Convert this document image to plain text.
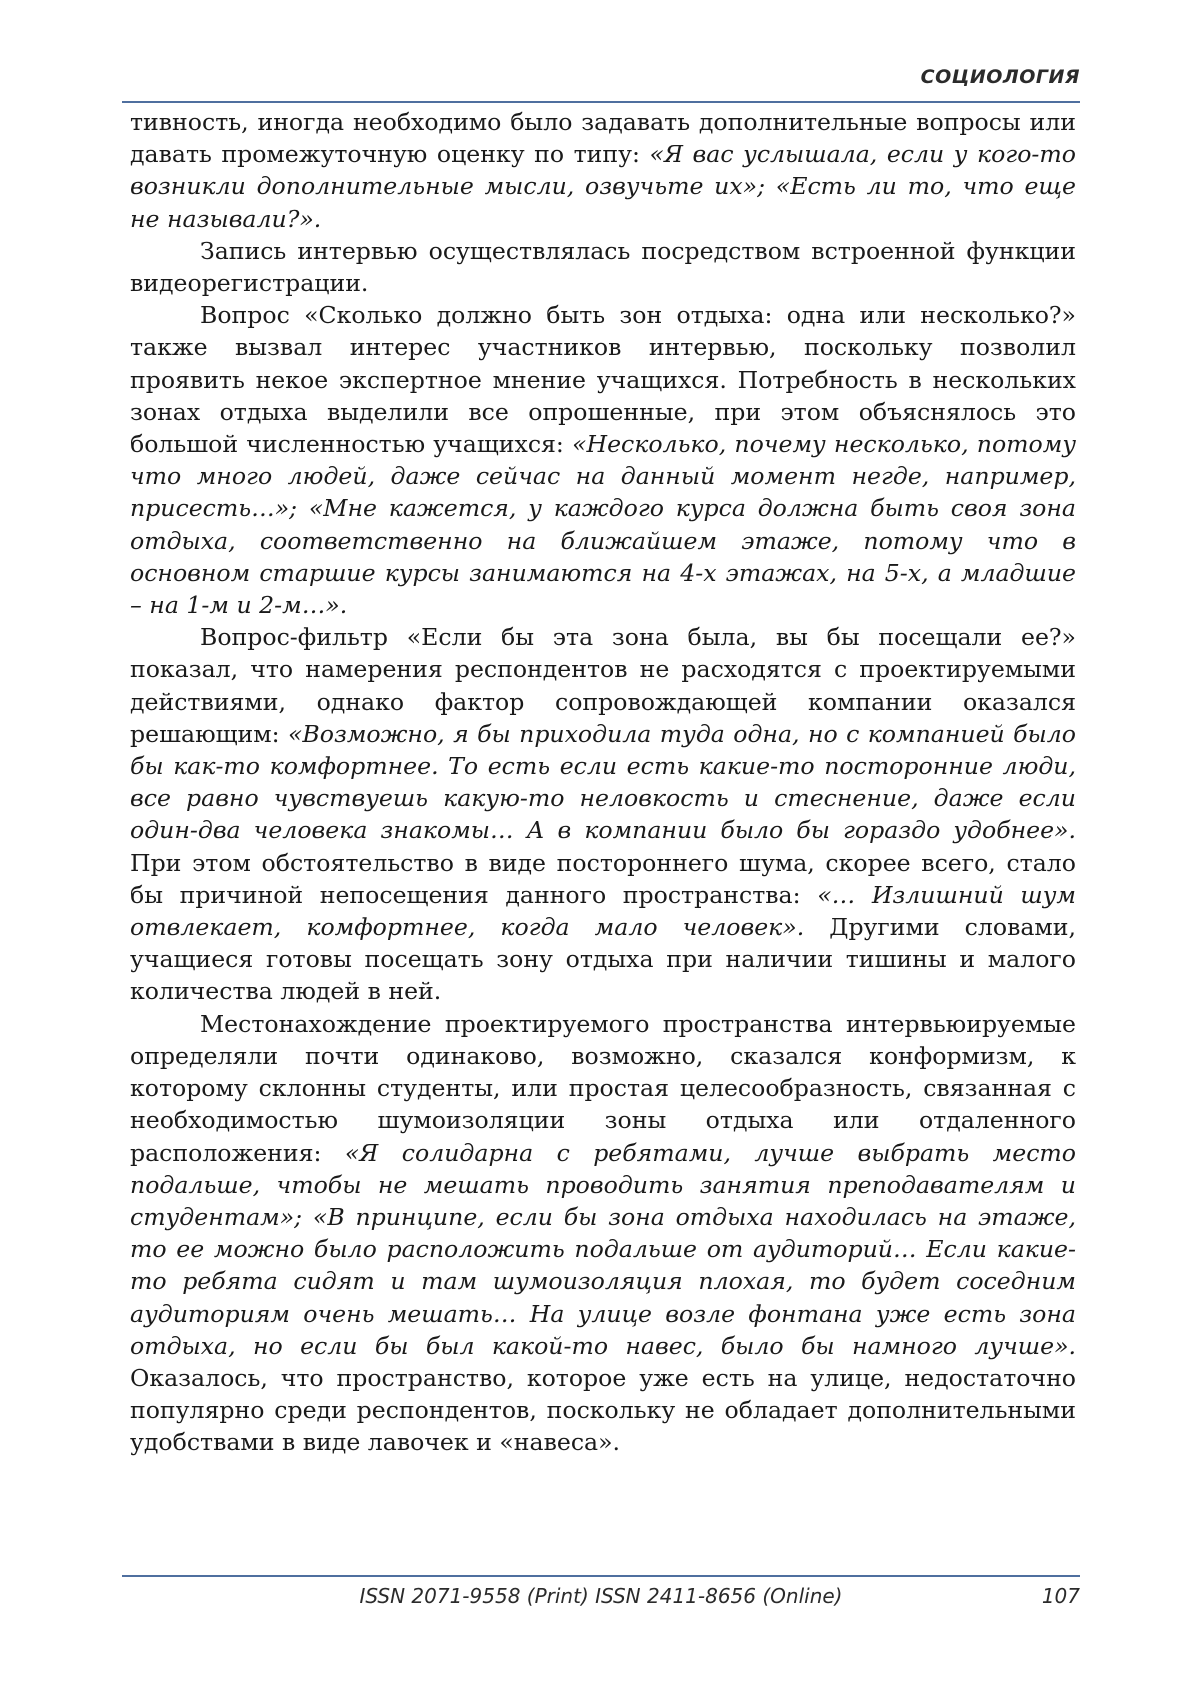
СОЦИОЛОГИЯ

тивность, иногда необходимо было задавать дополнительные вопросы или давать промежуточную оценку по типу: «Я вас услышала, если у кого-то возникли дополнительные мысли, озвучьте их»; «Есть ли то, что еще не называли?».

Запись интервью осуществлялась посредством встроенной функции видеорегистрации.

Вопрос «Сколько должно быть зон отдыха: одна или несколько?» также вызвал интерес участников интервью, поскольку позволил проявить некое экспертное мнение учащихся. Потребность в нескольких зонах отдыха выделили все опрошенные, при этом объяснялось это большой численностью учащихся: «Несколько, почему несколько, потому что много людей, даже сейчас на данный момент негде, например, присесть…»; «Мне кажется, у каждого курса должна быть своя зона отдыха, соответственно на ближайшем этаже, потому что в основном старшие курсы занимаются на 4-х этажах, на 5-х, а младшие – на 1-м и 2-м…».

Вопрос-фильтр «Если бы эта зона была, вы бы посещали ее?» показал, что намерения респондентов не расходятся с проектируемыми действиями, однако фактор сопровождающей компании оказался решающим: «Возможно, я бы приходила туда одна, но с компанией было бы как-то комфортнее. То есть если есть какие-то посторонние люди, все равно чувствуешь какую-то неловкость и стеснение, даже если один-два человека знакомы… А в компании было бы гораздо удобнее». При этом обстоятельство в виде постороннего шума, скорее всего, стало бы причиной непосещения данного пространства: «… Излишний шум отвлекает, комфортнее, когда мало человек». Другими словами, учащиеся готовы посещать зону отдыха при наличии тишины и малого количества людей в ней.

Местонахождение проектируемого пространства интервьюируемые определяли почти одинаково, возможно, сказался конформизм, к которому склонны студенты, или простая целесообразность, связанная с необходимостью шумоизоляции зоны отдыха или отдаленного расположения: «Я солидарна с ребятами, лучше выбрать место подальше, чтобы не мешать проводить занятия преподавателям и студентам»; «В принципе, если бы зона отдыха находилась на этаже, то ее можно было расположить подальше от аудиторий… Если какие-то ребята сидят и там шумоизоляция плохая, то будет соседним аудиториям очень мешать… На улице возле фонтана уже есть зона отдыха, но если бы был какой-то навес, было бы намного лучше». Оказалось, что пространство, которое уже есть на улице, недостаточно популярно среди респондентов, поскольку не обладает дополнительными удобствами в виде лавочек и «навеса».

ISSN 2071-9558 (Print) ISSN 2411-8656 (Online)	107
